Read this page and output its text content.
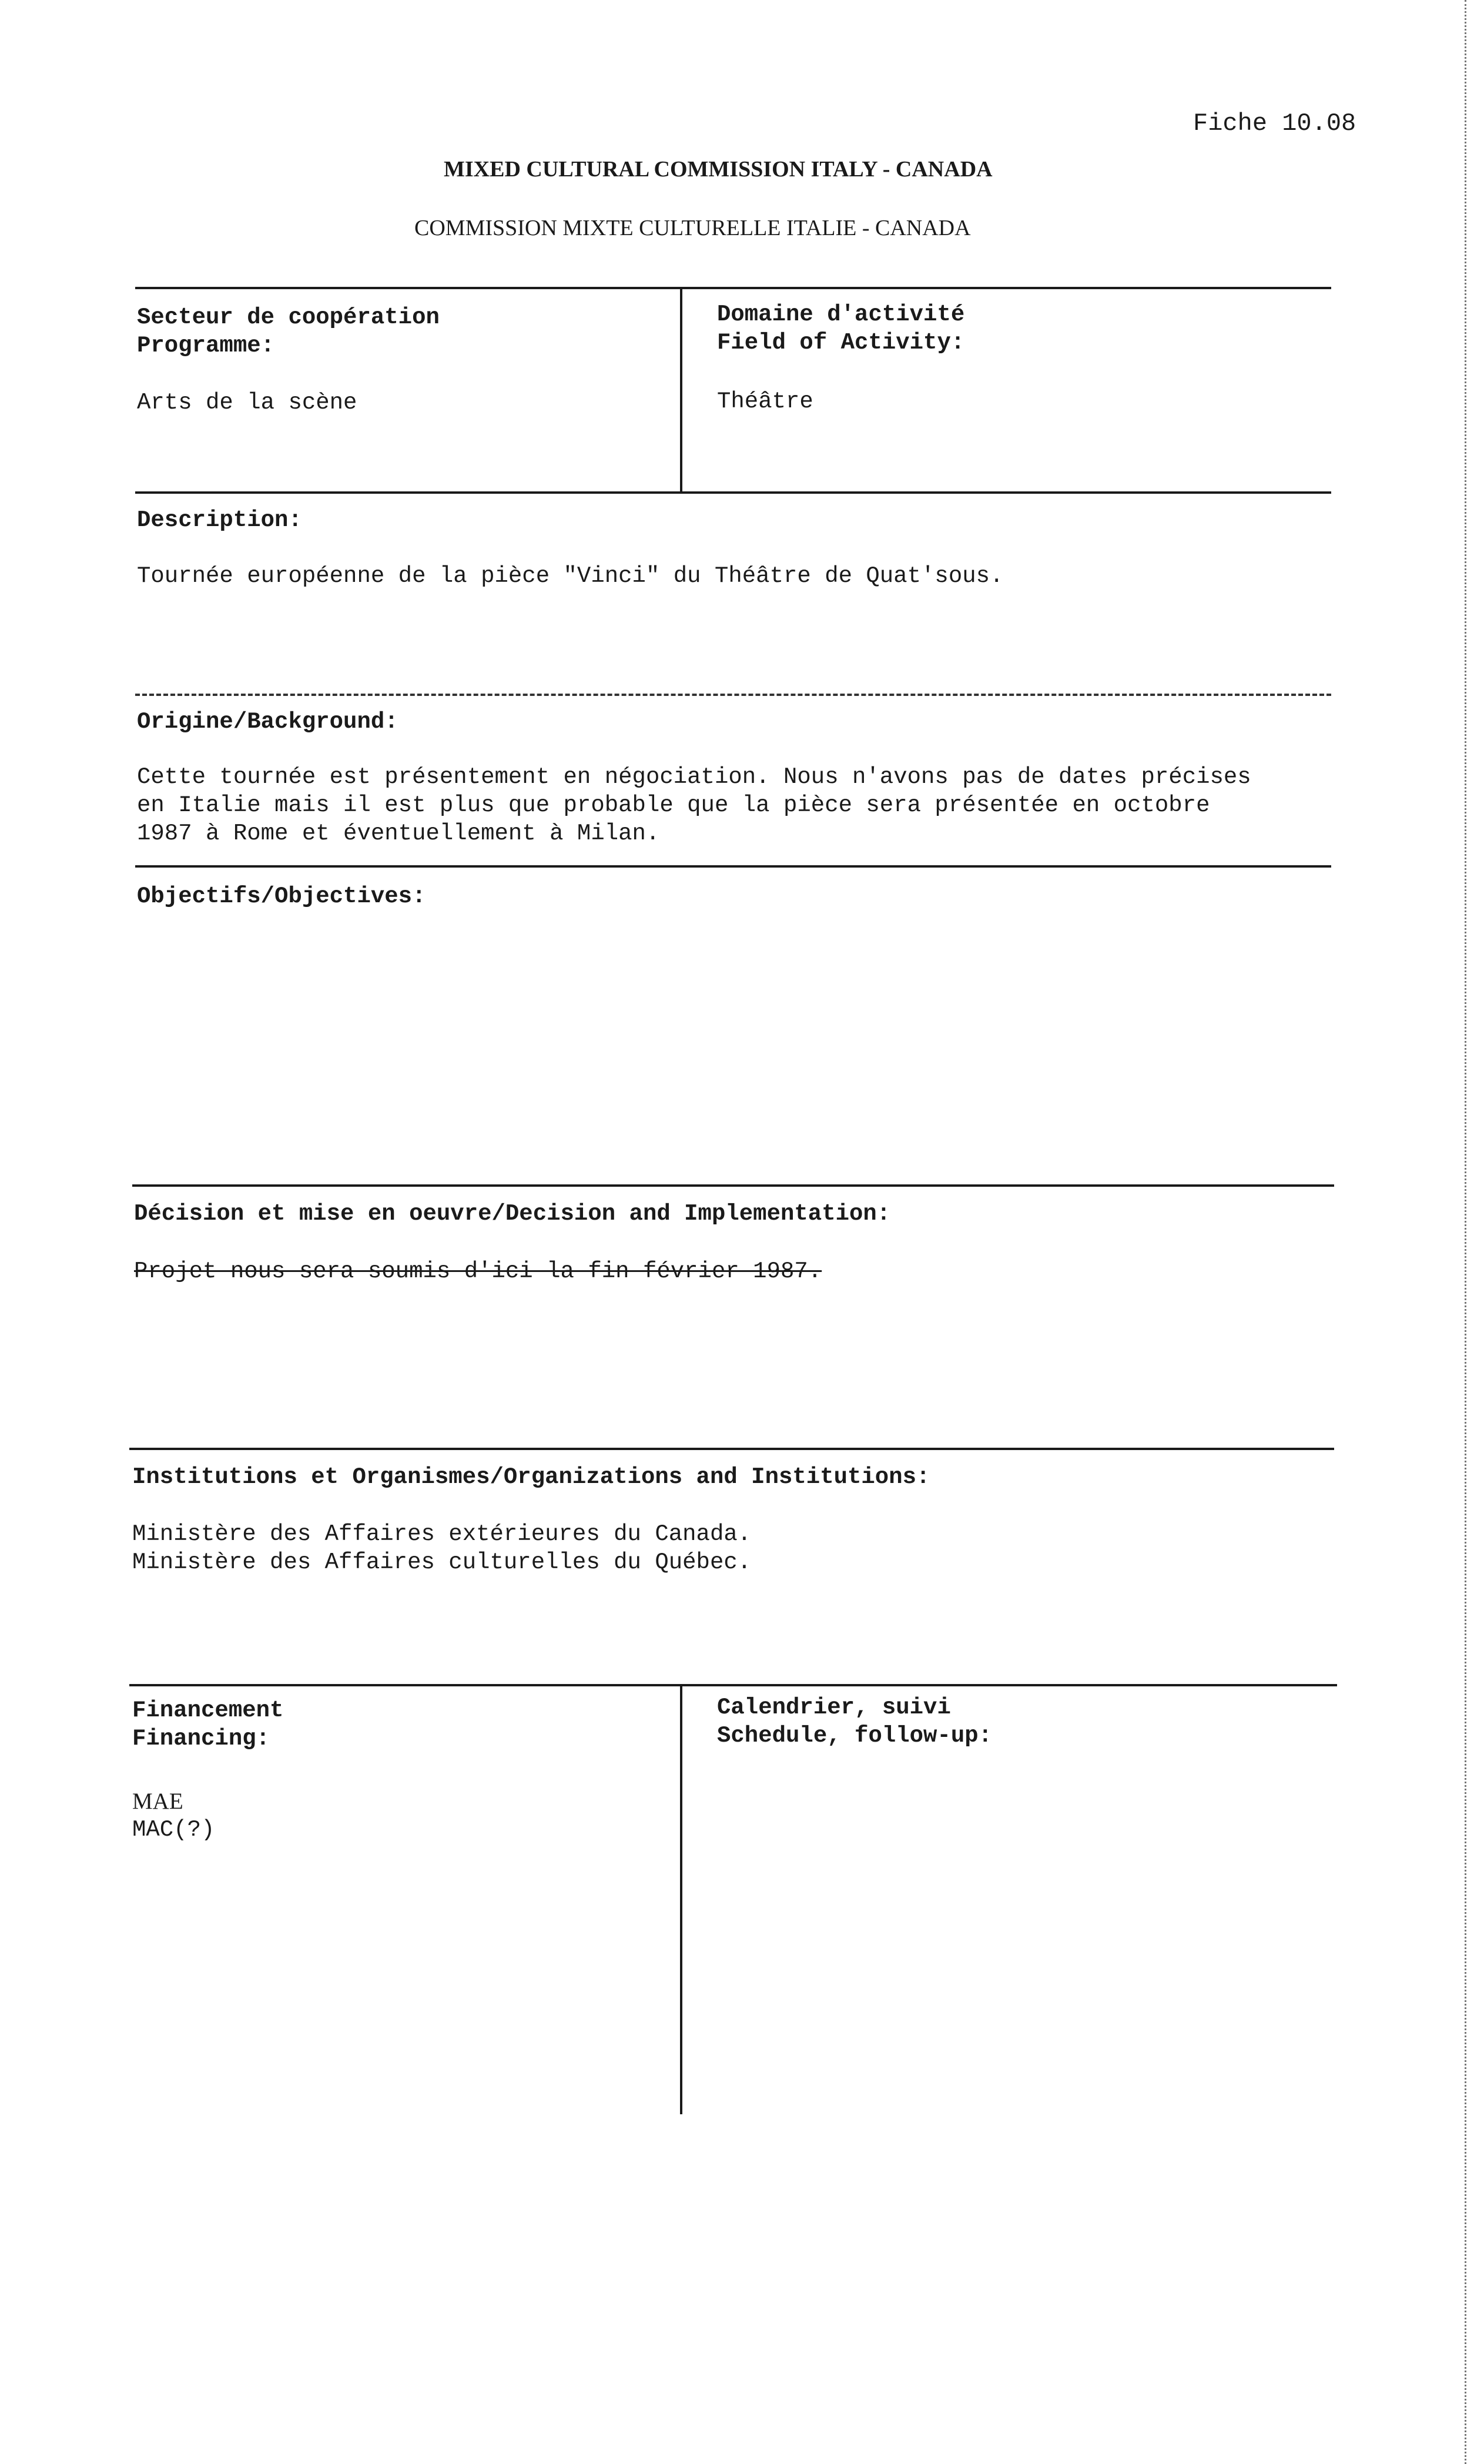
Fiche 10.08
MIXED CULTURAL COMMISSION ITALY - CANADA
COMMISSION MIXTE CULTURELLE ITALIE - CANADA
Secteur de coopération
Programme:
Arts de la scène
Domaine d'activité
Field of Activity:
Théâtre
Description:
Tournée européenne de la pièce "Vinci" du Théâtre de Quat'sous.
Origine/Background:
Cette tournée est présentement en négociation. Nous n'avons pas de dates précises
en Italie mais il est plus que probable que la pièce sera présentée en octobre
1987 à Rome et éventuellement à Milan.
Objectifs/Objectives:
Décision et mise en oeuvre/Decision and Implementation:
Projet nous sera soumis d'ici la fin février 1987.
Institutions et Organismes/Organizations and Institutions:
Ministère des Affaires extérieures du Canada.
Ministère des Affaires culturelles du Québec.
Financement
Financing:
MAE
MAC(?)
Calendrier, suivi
Schedule, follow-up:
